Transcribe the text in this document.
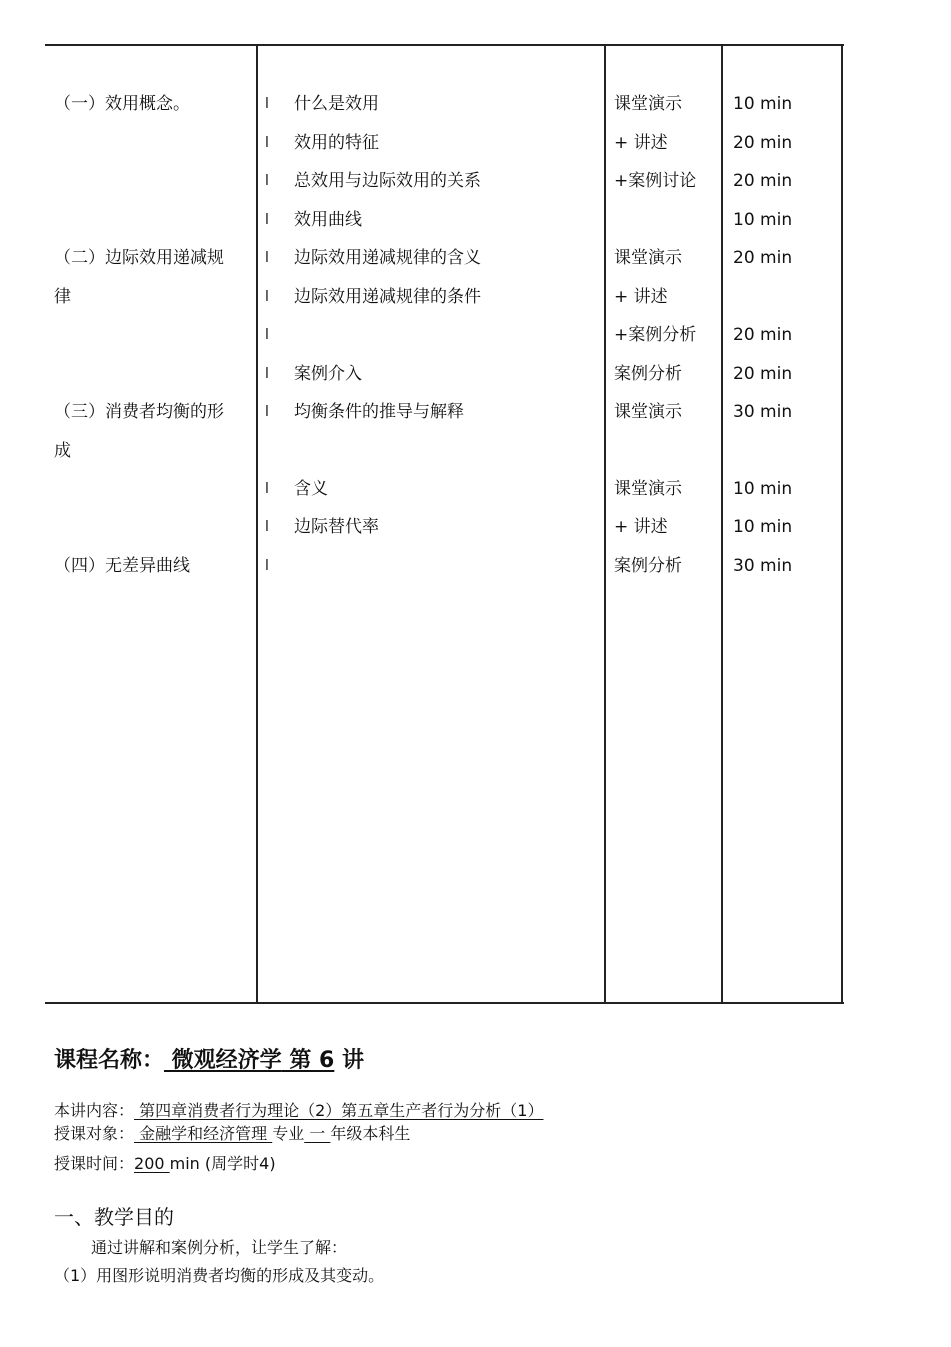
（一）效用概念。
（二）边际效用递减规
律
（三）消费者均衡的形
成
（四）无差异曲线
l
l
l
l
l
l
l
l
l
l
l
l
什么是效用
效用的特征
总效用与边际效用的关系
效用曲线
边际效用递减规律的含义
边际效用递减规律的条件
案例介入
均衡条件的推导与解释
含义
边际替代率
课堂演示
+ 讲述
+案例讨论
课堂演示
+ 讲述
+案例分析
案例分析
课堂演示
课堂演示
+ 讲述
案例分析
10 min
20 min
20 min
10 min
20 min
20 min
20 min
30 min
10 min
10 min
30 min
课程名称： 微观经济学 第 6 讲
本讲内容： 第四章消费者行为理论（2）第五章生产者行为分析（1）
授课对象： 金融学和经济管理 专业 一 年级本科生
授课时间：200 min (周学时4)
一、教学目的
通过讲解和案例分析，让学生了解：
（1）用图形说明消费者均衡的形成及其变动。
